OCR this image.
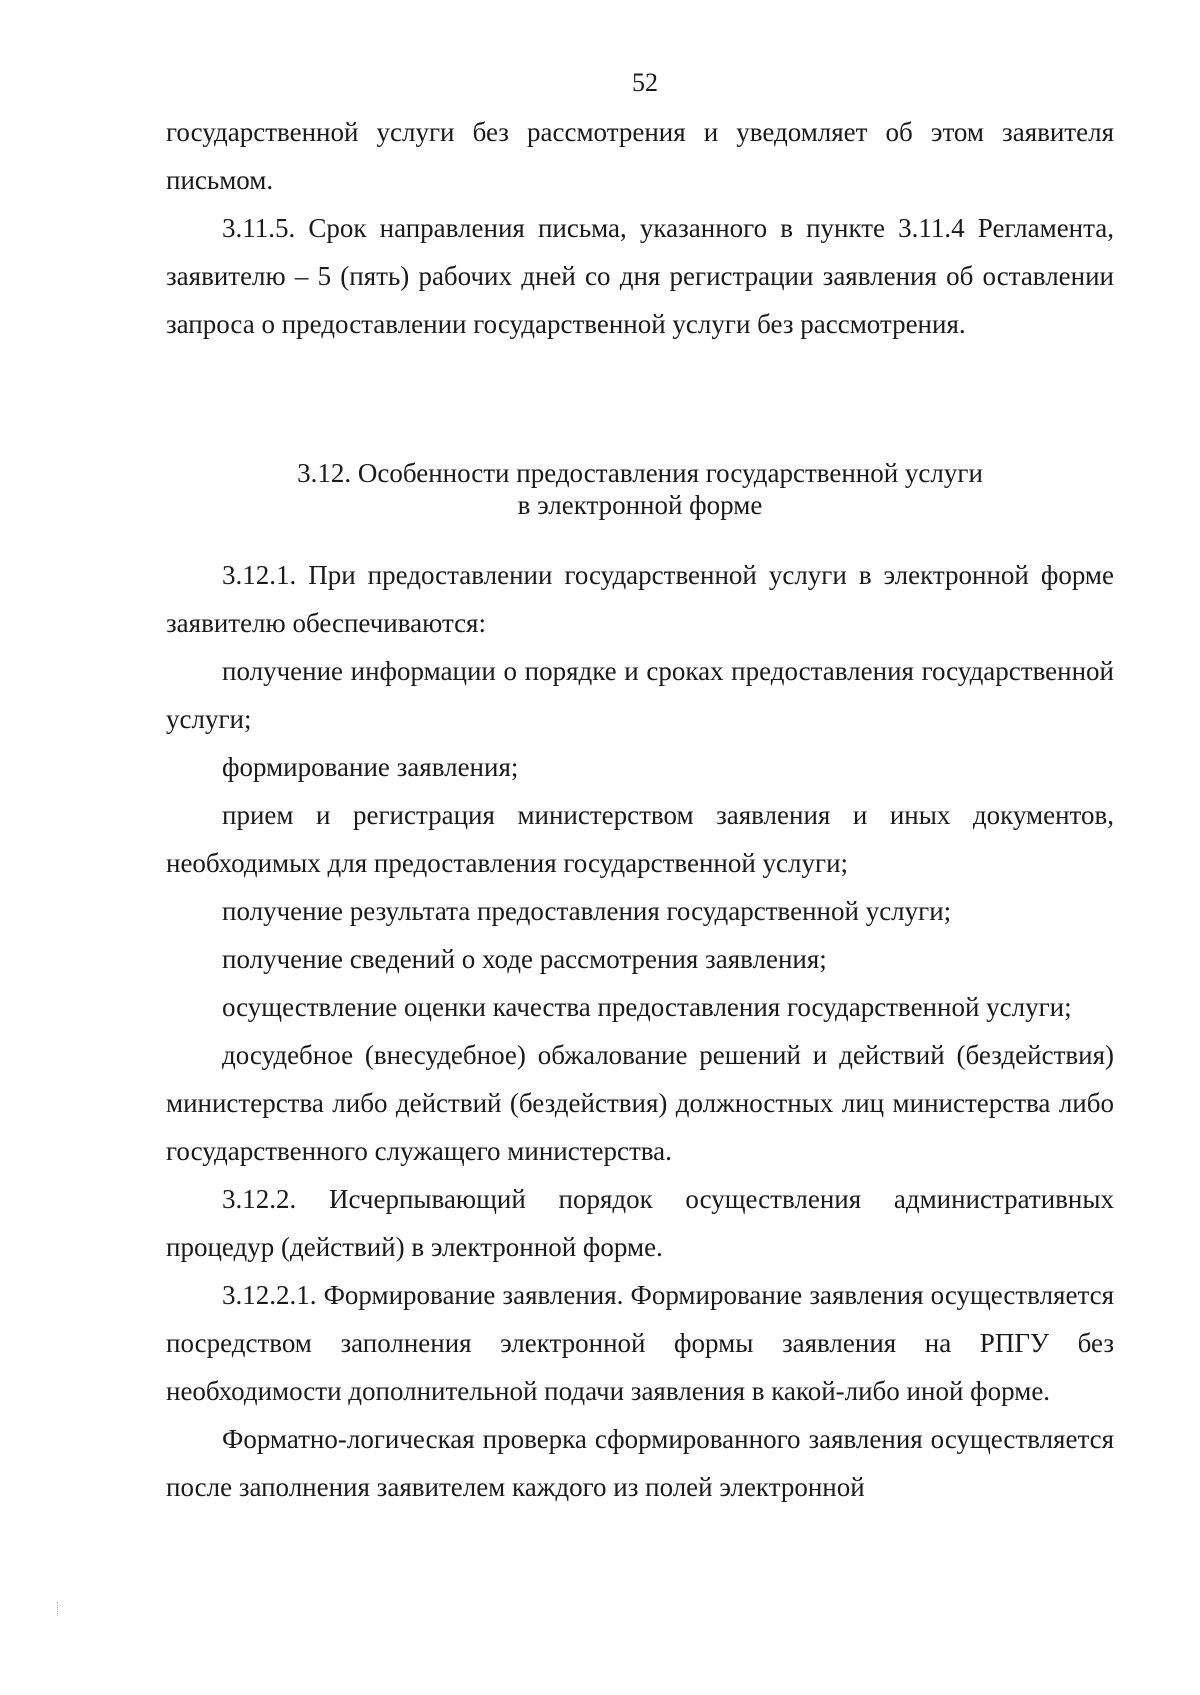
52

государственной услуги без рассмотрения и уведомляет об этом заявителя письмом.

3.11.5. Срок направления письма, указанного в пункте 3.11.4 Регламента, заявителю – 5 (пять) рабочих дней со дня регистрации заявления об оставлении запроса о предоставлении государственной услуги без рассмотрения.

3.12. Особенности предоставления государственной услуги
в электронной форме

3.12.1. При предоставлении государственной услуги в электронной форме заявителю обеспечиваются:

получение информации о порядке и сроках предоставления государственной услуги;

формирование заявления;

прием и регистрация министерством заявления и иных документов, необходимых для предоставления государственной услуги;

получение результата предоставления государственной услуги;

получение сведений о ходе рассмотрения заявления;

осуществление оценки качества предоставления государственной услуги;

досудебное (внесудебное) обжалование решений и действий (бездействия) министерства либо действий (бездействия) должностных лиц министерства либо государственного служащего министерства.

3.12.2. Исчерпывающий порядок осуществления административных процедур (действий) в электронной форме.

3.12.2.1. Формирование заявления. Формирование заявления осуществляется посредством заполнения электронной формы заявления на РПГУ без необходимости дополнительной подачи заявления в какой-либо иной форме.

Форматно-логическая проверка сформированного заявления осуществляется после заполнения заявителем каждого из полей электронной
